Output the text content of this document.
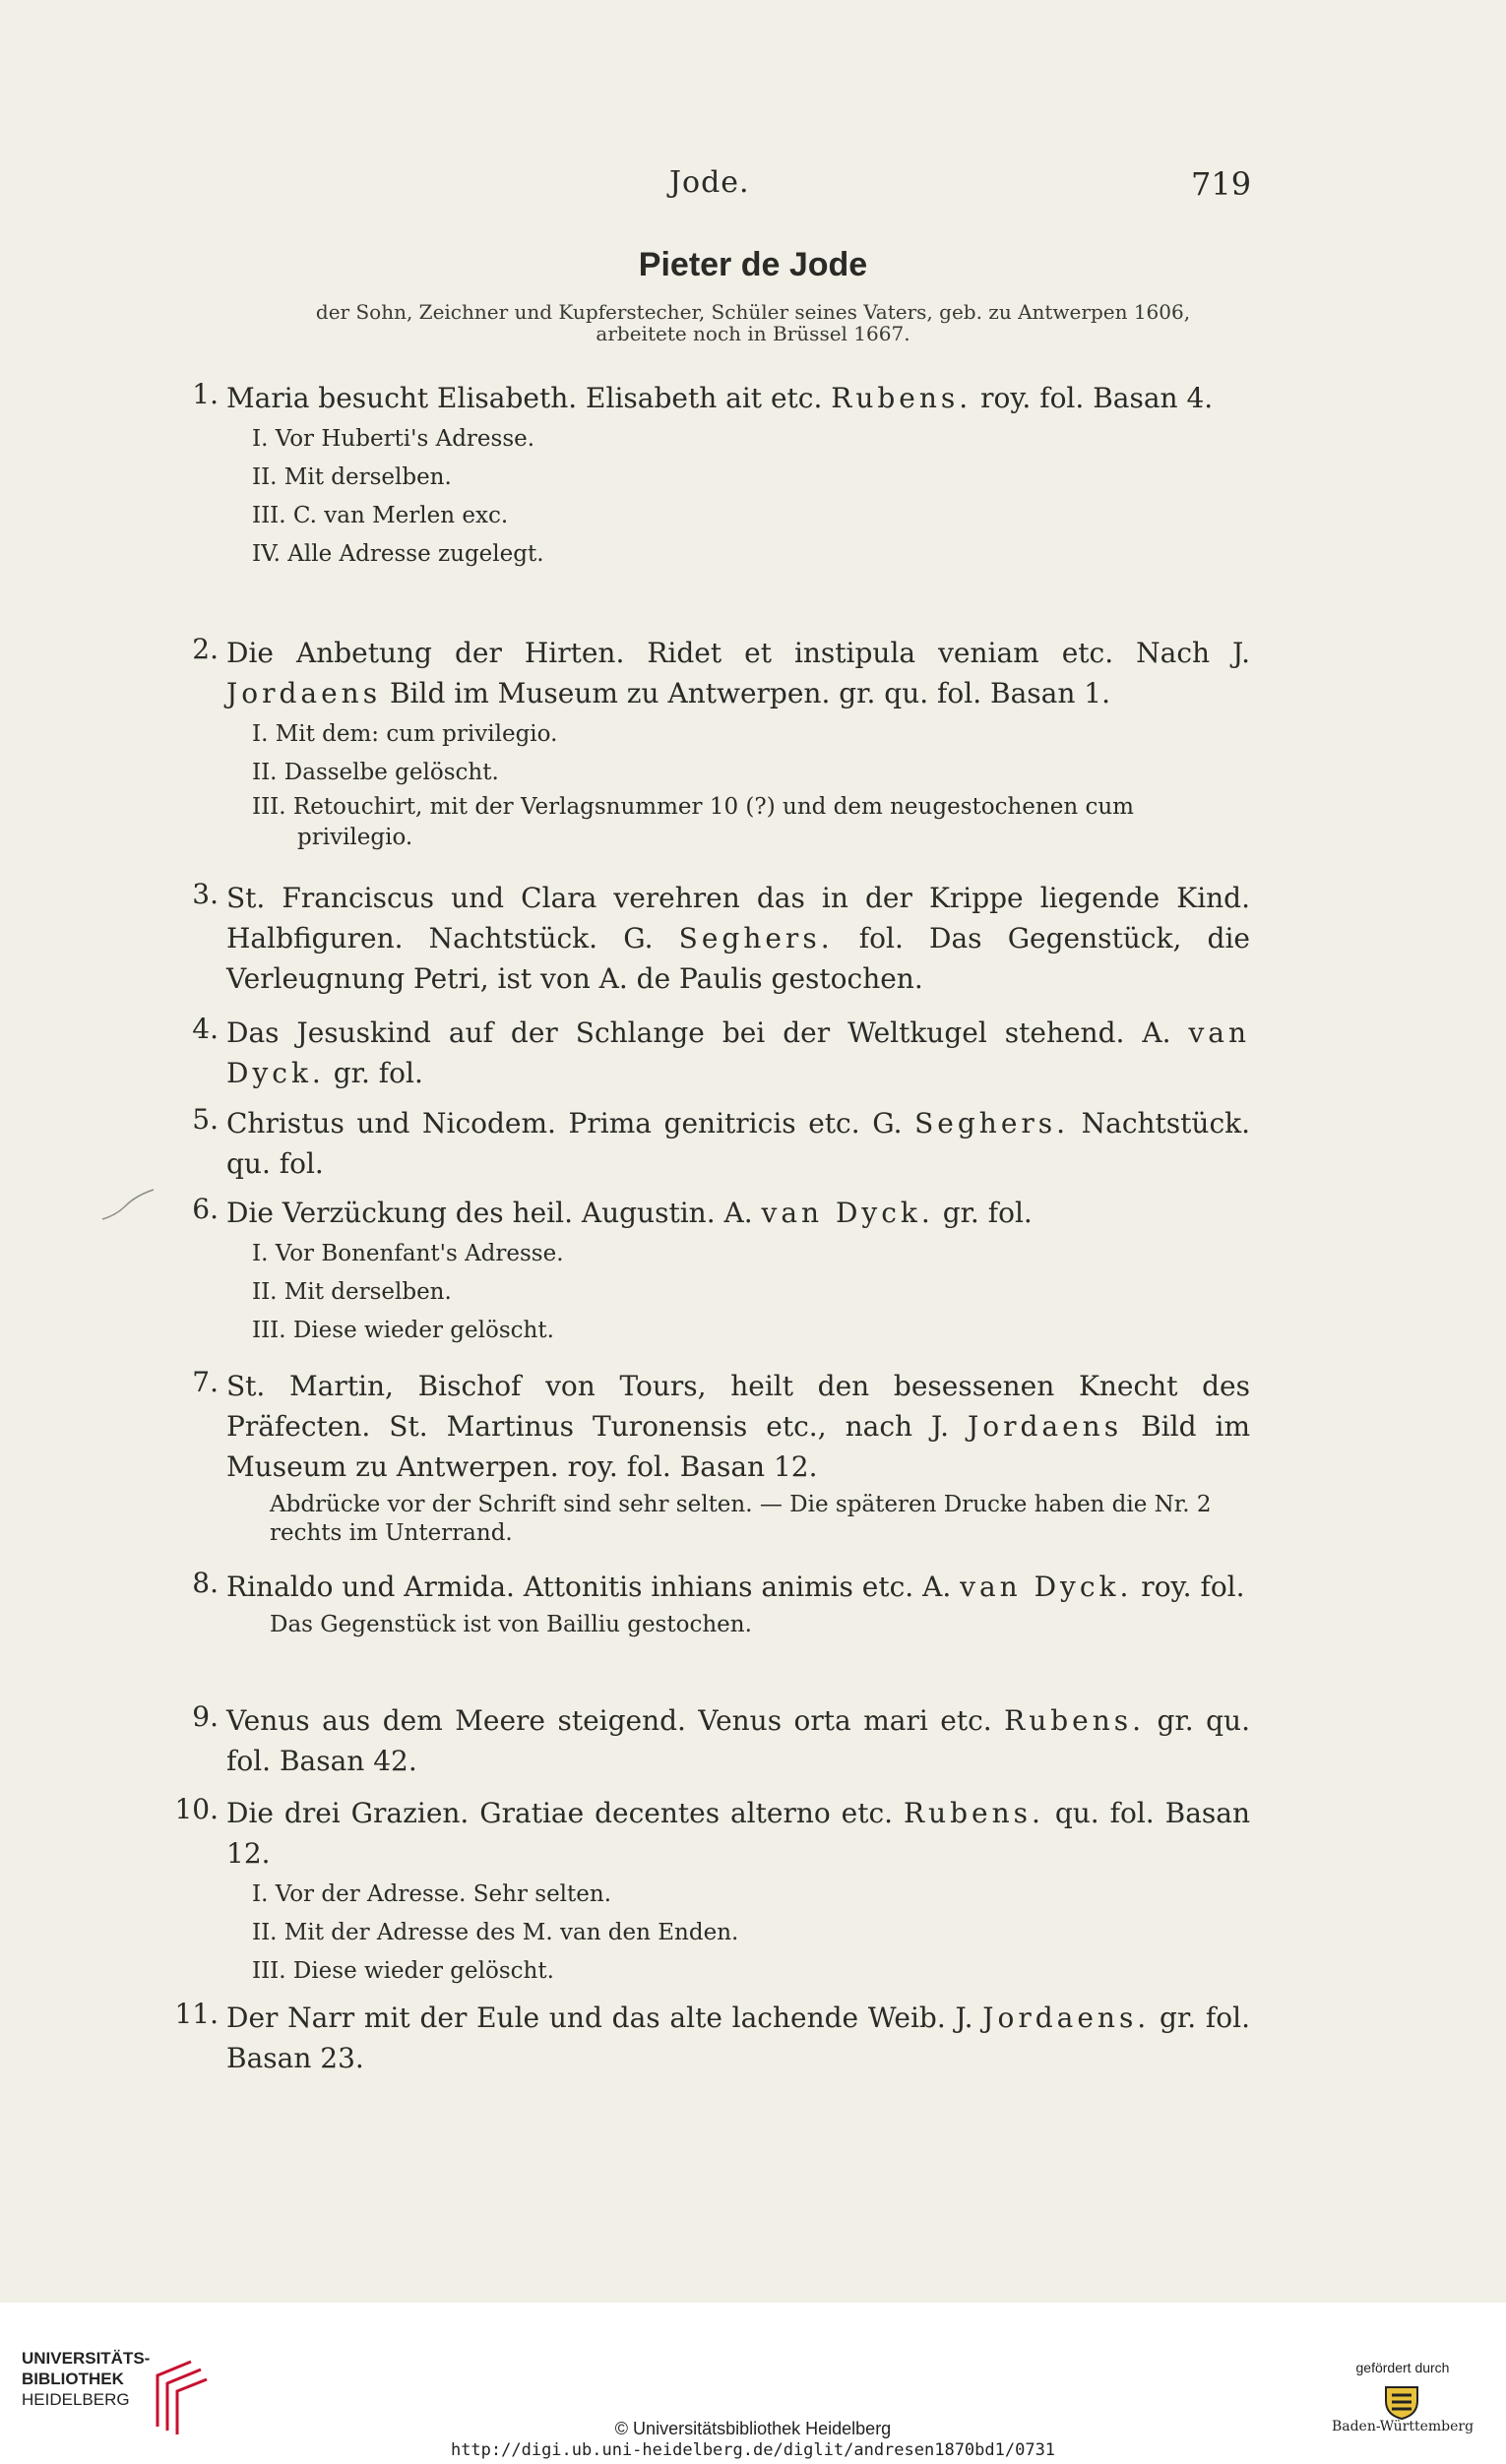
Jode.	719
Pieter de Jode
der Sohn, Zeichner und Kupferstecher, Schüler seines Vaters, geb. zu Antwerpen 1606,
arbeitete noch in Brüssel 1667.
1. Maria besucht Elisabeth. Elisabeth ait etc. Rubens. roy. fol. Basan 4.
I. Vor Huberti's Adresse.
II. Mit derselben.
III. C. van Merlen exc.
IV. Alle Adresse zugelegt.
2. Die Anbetung der Hirten. Ridet et instipula veniam etc. Nach J. Jordaens Bild im Museum zu Antwerpen. gr. qu. fol. Basan 1.
I. Mit dem: cum privilegio.
II. Dasselbe gelöscht.
III. Retouchirt, mit der Verlagsnummer 10 (?) und dem neugestochenen cum privilegio.
3. St. Franciscus und Clara verehren das in der Krippe liegende Kind. Halbfiguren. Nachtstück. G. Seghers. fol. Das Gegenstück, die Verleugnung Petri, ist von A. de Paulis gestochen.
4. Das Jesuskind auf der Schlange bei der Weltkugel stehend. A. van Dyck. gr. fol.
5. Christus und Nicodem. Prima genitricis etc. G. Seghers. Nachtstück. qu. fol.
6. Die Verzückung des heil. Augustin. A. van Dyck. gr. fol.
I. Vor Bonenfant's Adresse.
II. Mit derselben.
III. Diese wieder gelöscht.
7. St. Martin, Bischof von Tours, heilt den besessenen Knecht des Präfecten. St. Martinus Turonensis etc., nach J. Jordaens Bild im Museum zu Antwerpen. roy. fol. Basan 12.
Abdrücke vor der Schrift sind sehr selten. — Die späteren Drucke haben die Nr. 2 rechts im Unterrand.
8. Rinaldo und Armida. Attonitis inhians animis etc. A. van Dyck. roy. fol.
Das Gegenstück ist von Bailliu gestochen.
9. Venus aus dem Meere steigend. Venus orta mari etc. Rubens. gr. qu. fol. Basan 42.
10. Die drei Grazien. Gratiae decentes alterno etc. Rubens. qu. fol. Basan 12.
I. Vor der Adresse. Sehr selten.
II. Mit der Adresse des M. van den Enden.
III. Diese wieder gelöscht.
11. Der Narr mit der Eule und das alte lachende Weib. J. Jordaens. gr. fol. Basan 23.
UNIVERSITÄTS-
BIBLIOTHEK
HEIDELBERG
© Universitätsbibliothek Heidelberg
http://digi.ub.uni-heidelberg.de/diglit/andresen1870bd1/0731
gefördert durch
Baden-Württemberg
